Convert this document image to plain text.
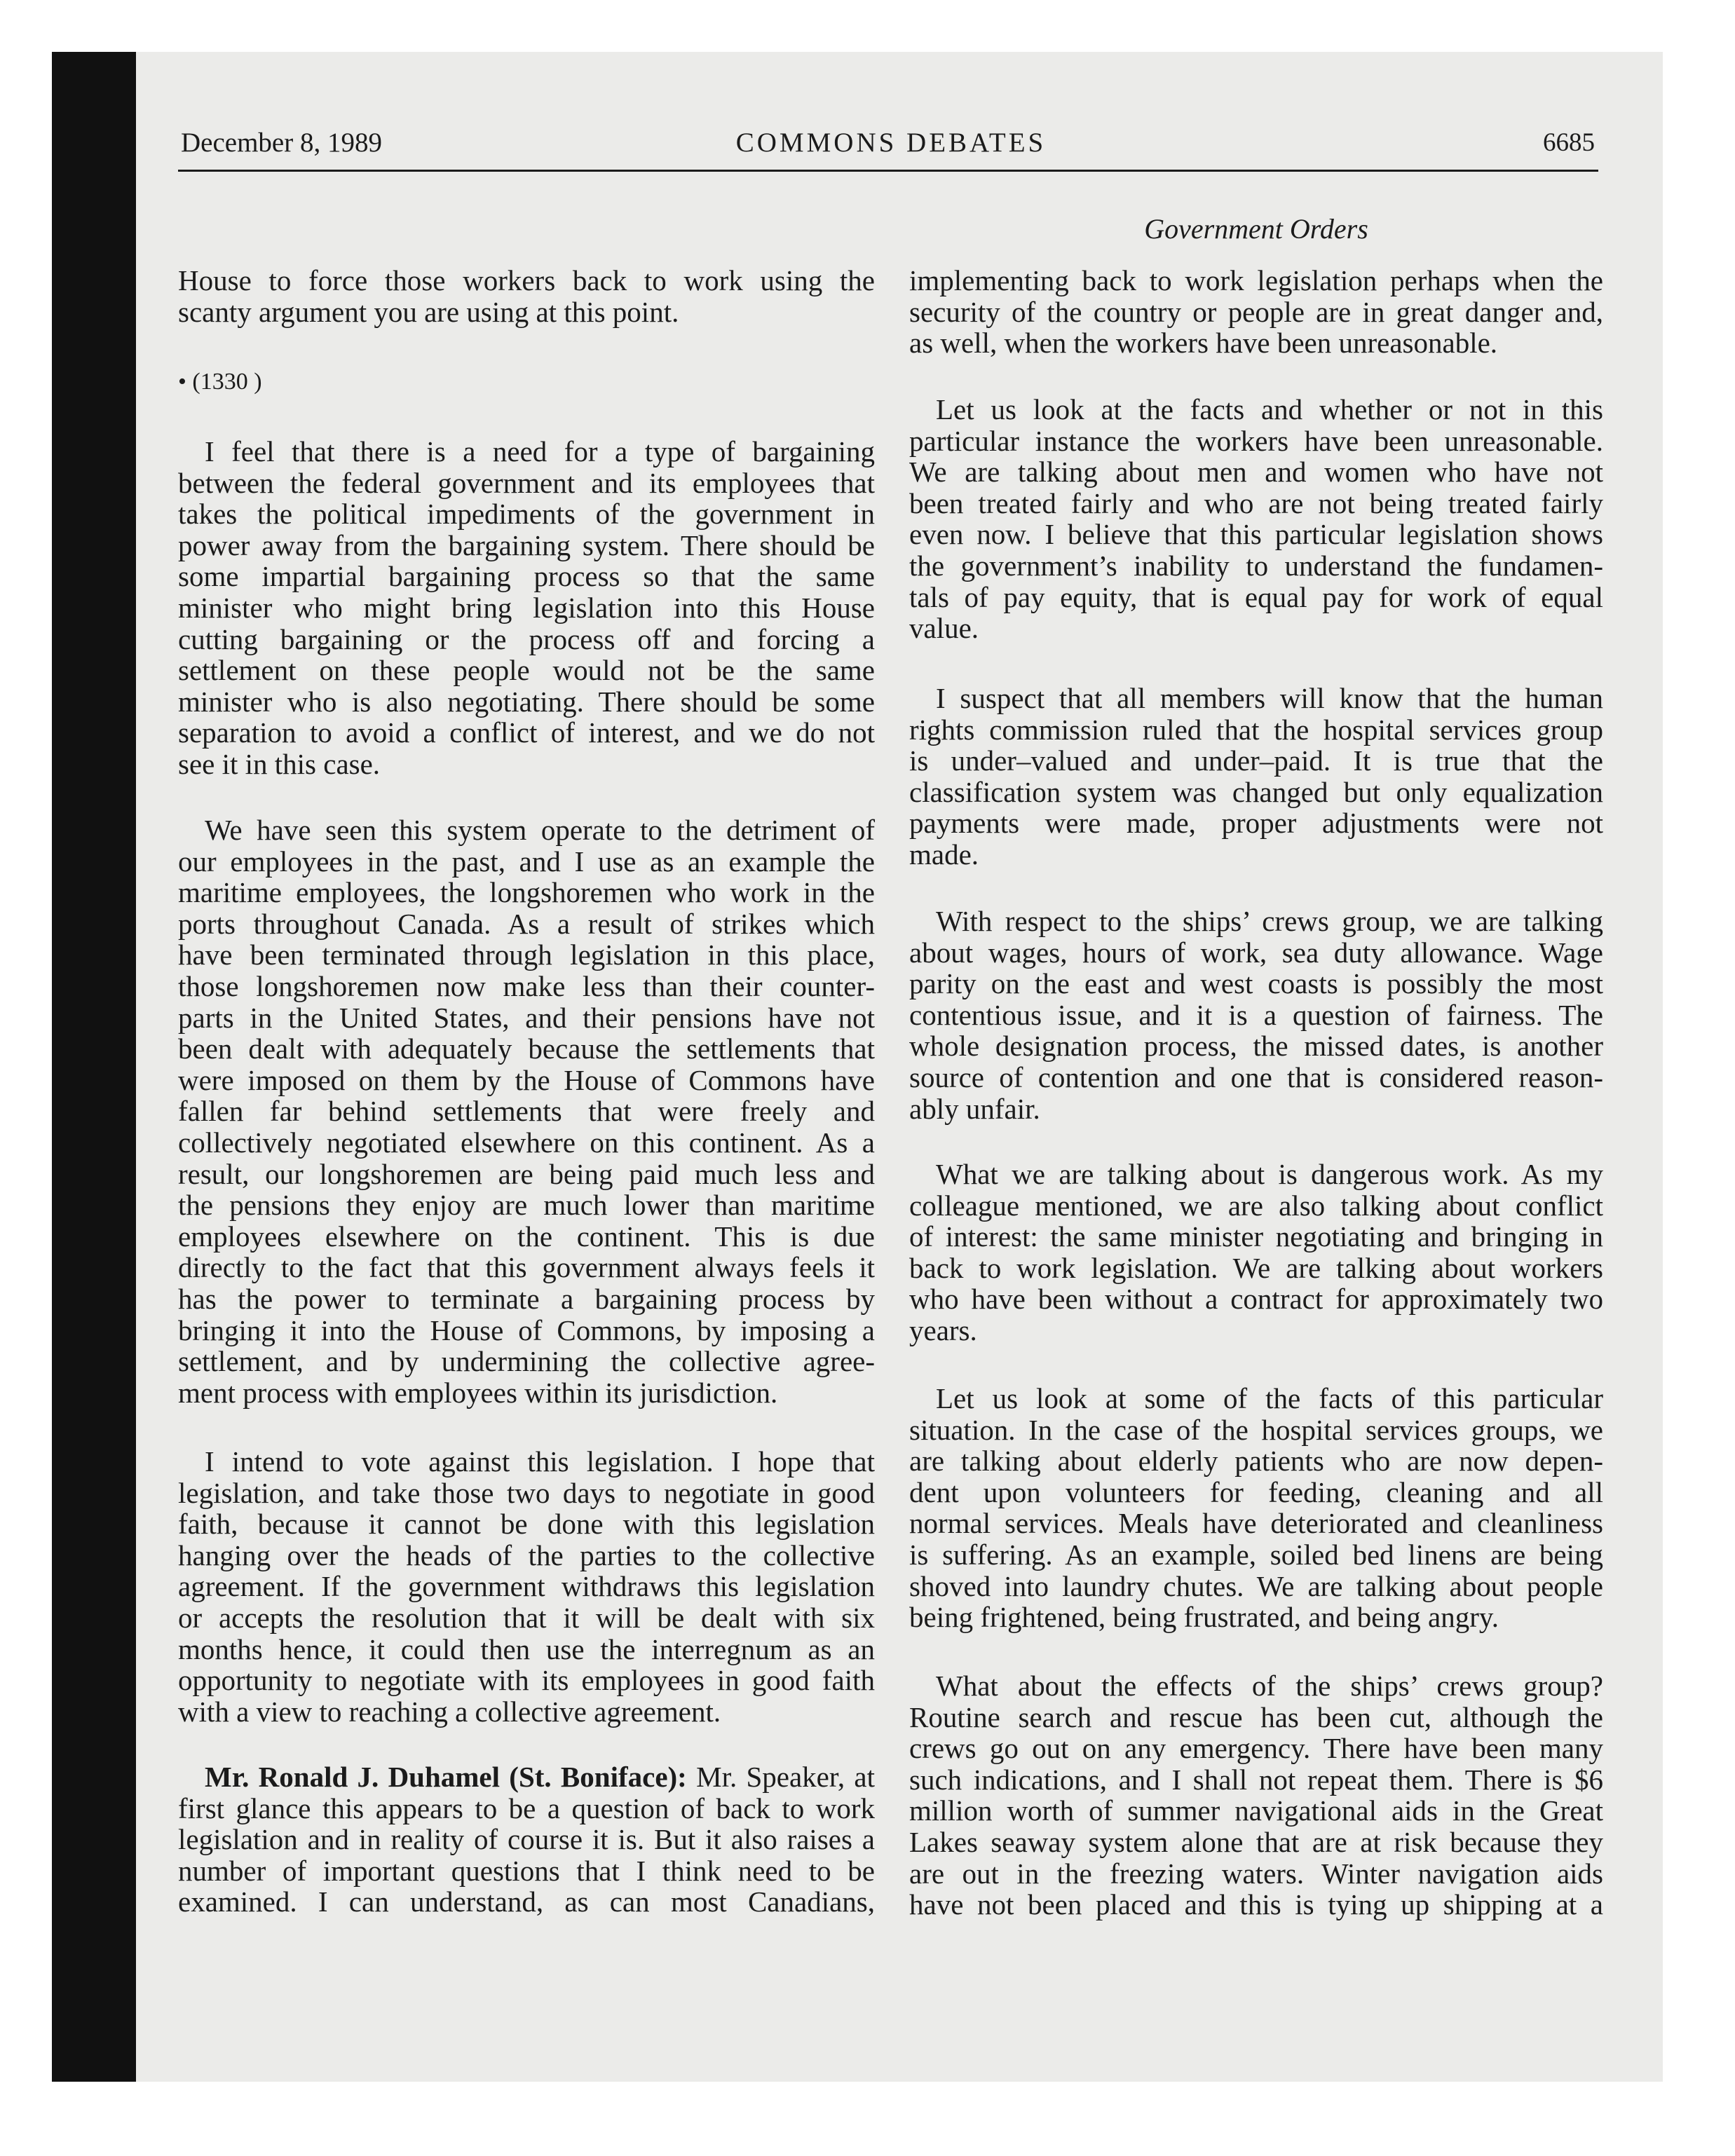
December 8, 1989	COMMONS DEBATES	6685
Government Orders
House to force those workers back to work using the
scanty argument you are using at this point.
• (1330 )
I feel that there is a need for a type of bargaining
between the federal government and its employees that
takes the political impediments of the government in
power away from the bargaining system. There should be
some impartial bargaining process so that the same
minister who might bring legislation into this House
cutting bargaining or the process off and forcing a
settlement on these people would not be the same
minister who is also negotiating. There should be some
separation to avoid a conflict of interest, and we do not
see it in this case.
We have seen this system operate to the detriment of
our employees in the past, and I use as an example the
maritime employees, the longshoremen who work in the
ports throughout Canada. As a result of strikes which
have been terminated through legislation in this place,
those longshoremen now make less than their counter-
parts in the United States, and their pensions have not
been dealt with adequately because the settlements that
were imposed on them by the House of Commons have
fallen far behind settlements that were freely and
collectively negotiated elsewhere on this continent. As a
result, our longshoremen are being paid much less and
the pensions they enjoy are much lower than maritime
employees elsewhere on the continent. This is due
directly to the fact that this government always feels it
has the power to terminate a bargaining process by
bringing it into the House of Commons, by imposing a
settlement, and by undermining the collective agree-
ment process with employees within its jurisdiction.
I intend to vote against this legislation. I hope that
legislation, and take those two days to negotiate in good
faith, because it cannot be done with this legislation
hanging over the heads of the parties to the collective
agreement. If the government withdraws this legislation
or accepts the resolution that it will be dealt with six
months hence, it could then use the interregnum as an
opportunity to negotiate with its employees in good faith
with a view to reaching a collective agreement.
Mr. Ronald J. Duhamel (St. Boniface): Mr. Speaker, at
first glance this appears to be a question of back to work
legislation and in reality of course it is. But it also raises a
number of important questions that I think need to be
examined. I can understand, as can most Canadians,
implementing back to work legislation perhaps when the
security of the country or people are in great danger and,
as well, when the workers have been unreasonable.
Let us look at the facts and whether or not in this
particular instance the workers have been unreasonable.
We are talking about men and women who have not
been treated fairly and who are not being treated fairly
even now. I believe that this particular legislation shows
the government’s inability to understand the fundamen-
tals of pay equity, that is equal pay for work of equal
value.
I suspect that all members will know that the human
rights commission ruled that the hospital services group
is under–valued and under–paid. It is true that the
classification system was changed but only equalization
payments were made, proper adjustments were not
made.
With respect to the ships’ crews group, we are talking
about wages, hours of work, sea duty allowance. Wage
parity on the east and west coasts is possibly the most
contentious issue, and it is a question of fairness. The
whole designation process, the missed dates, is another
source of contention and one that is considered reason-
ably unfair.
What we are talking about is dangerous work. As my
colleague mentioned, we are also talking about conflict
of interest: the same minister negotiating and bringing in
back to work legislation. We are talking about workers
who have been without a contract for approximately two
years.
Let us look at some of the facts of this particular
situation. In the case of the hospital services groups, we
are talking about elderly patients who are now depen-
dent upon volunteers for feeding, cleaning and all
normal services. Meals have deteriorated and cleanliness
is suffering. As an example, soiled bed linens are being
shoved into laundry chutes. We are talking about people
being frightened, being frustrated, and being angry.
What about the effects of the ships’ crews group?
Routine search and rescue has been cut, although the
crews go out on any emergency. There have been many
such indications, and I shall not repeat them. There is $6
million worth of summer navigational aids in the Great
Lakes seaway system alone that are at risk because they
are out in the freezing waters. Winter navigation aids
have not been placed and this is tying up shipping at a
